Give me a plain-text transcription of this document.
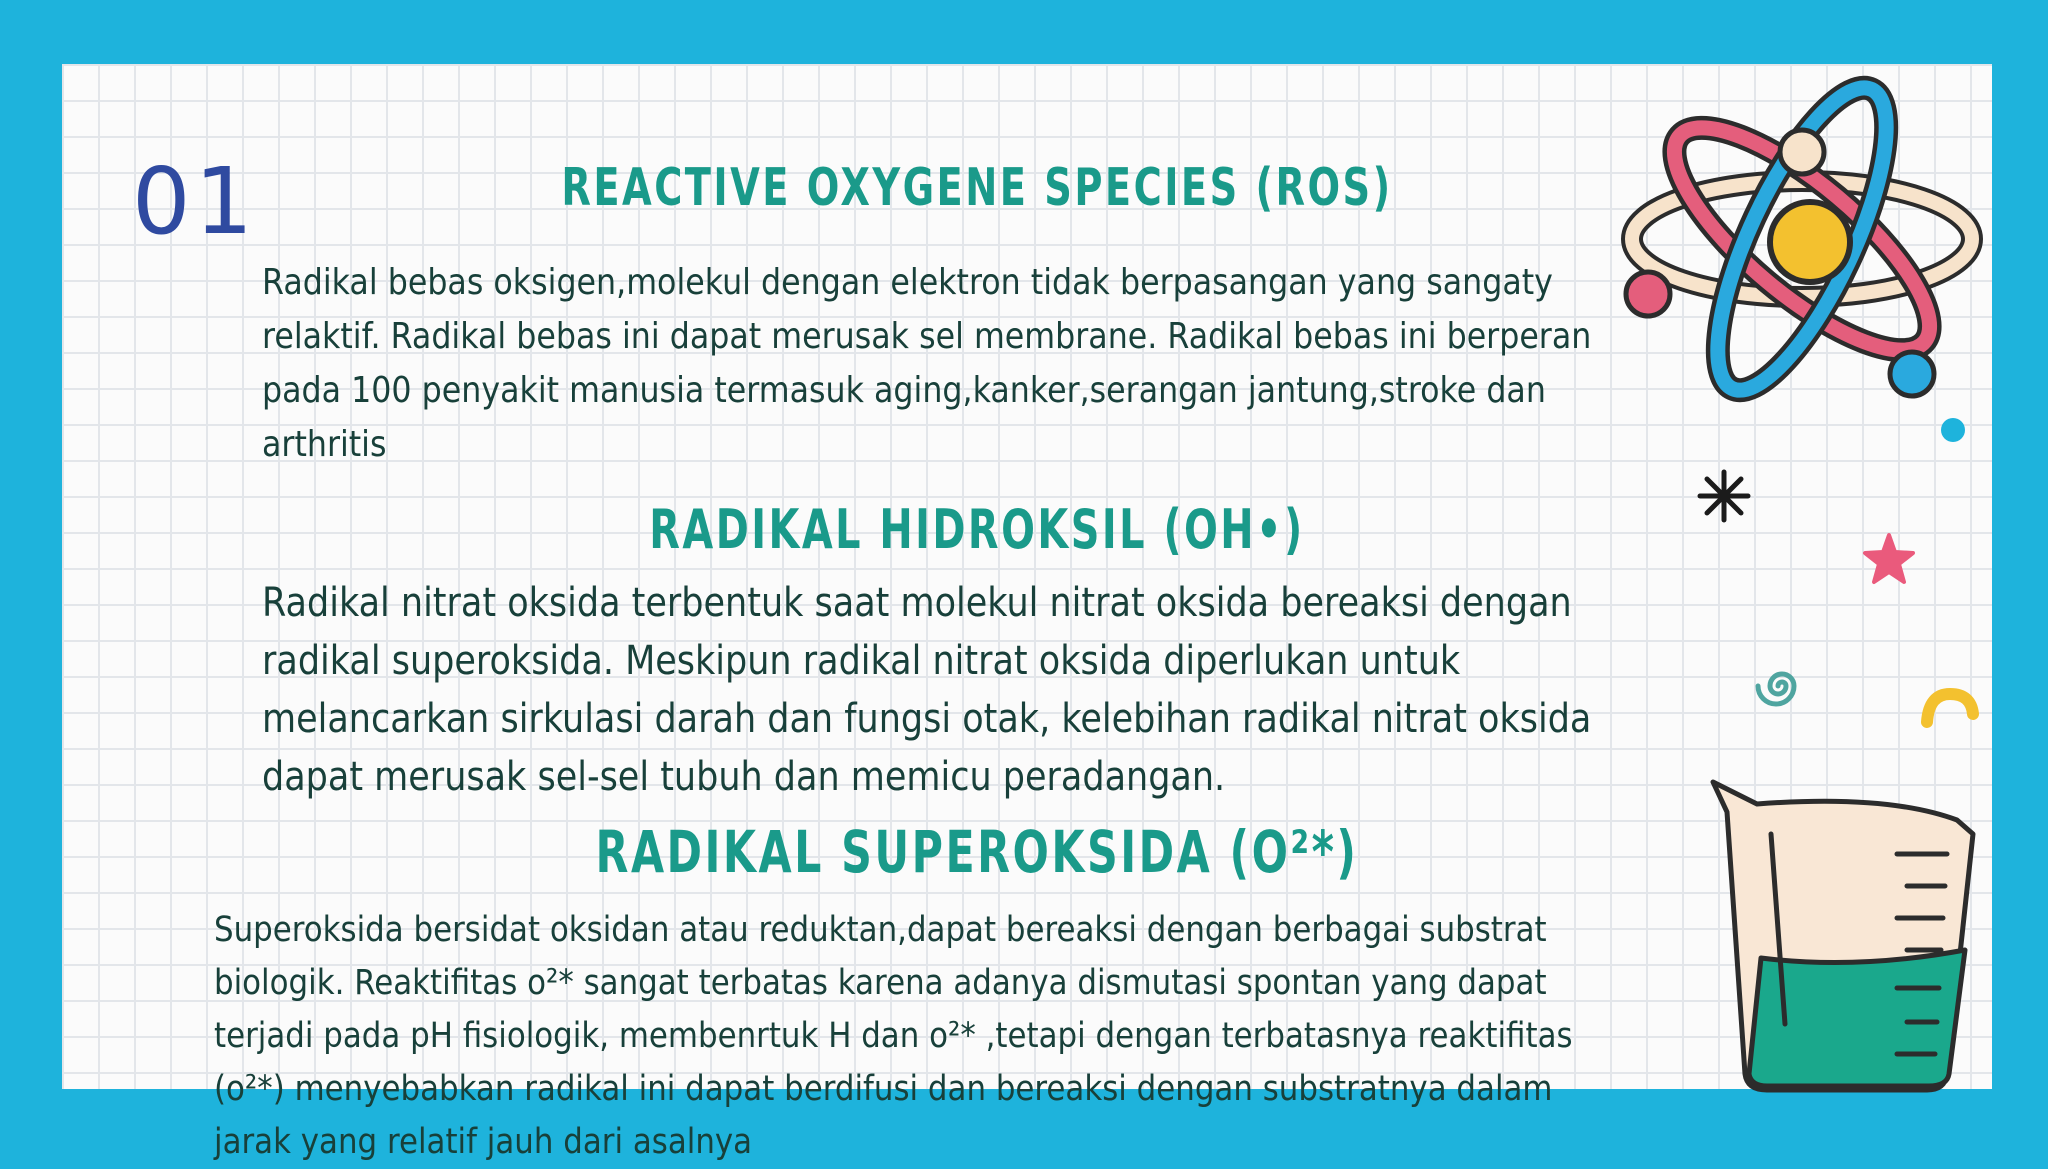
01	REACTIVE OXYGENE SPECIES (ROS)
Radikal bebas oksigen,molekul dengan elektron tidak berpasangan yang sangaty relaktif. Radikal bebas ini dapat merusak sel membrane. Radikal bebas ini berperan pada 100 penyakit manusia termasuk aging,kanker,serangan jantung,stroke dan arthritis
RADIKAL HIDROKSIL (OH•)
Radikal nitrat oksida terbentuk saat molekul nitrat oksida bereaksi dengan radikal superoksida. Meskipun radikal nitrat oksida diperlukan untuk melancarkan sirkulasi darah dan fungsi otak, kelebihan radikal nitrat oksida dapat merusak sel-sel tubuh dan memicu peradangan.
RADIKAL SUPEROKSIDA (O²*)
Superoksida bersidat oksidan atau reduktan,dapat bereaksi dengan berbagai substrat biologik. Reaktifitas o²* sangat terbatas karena adanya dismutasi spontan yang dapat terjadi pada pH fisiologik, membenrtuk H dan o²* ,tetapi dengan terbatasnya reaktifitas (o²*) menyebabkan radikal ini dapat berdifusi dan bereaksi dengan substratnya dalam jarak yang relatif jauh dari asalnya
